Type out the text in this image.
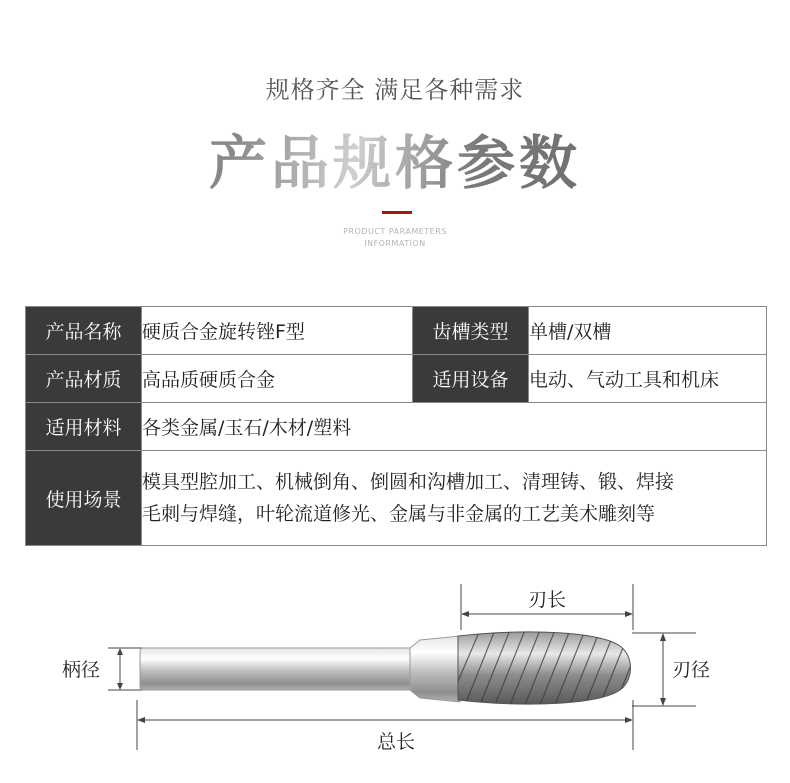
规格齐全 满足各种需求
产品规格参数
PRODUCT PARAMETERS
INFORMATION
产品名称	硬质合金旋转锉F型	齿槽类型	单槽/双槽
产品材质	高品质硬质合金	适用设备	电动、气动工具和机床
适用材料	各类金属/玉石/木材/塑料		
使用场景	模具型腔加工、机械倒角、倒圆和沟槽加工、清理铸、锻、焊接
毛刺与焊缝，叶轮流道修光、金属与非金属的工艺美术雕刻等		
刃长
刃径
柄径
总长
